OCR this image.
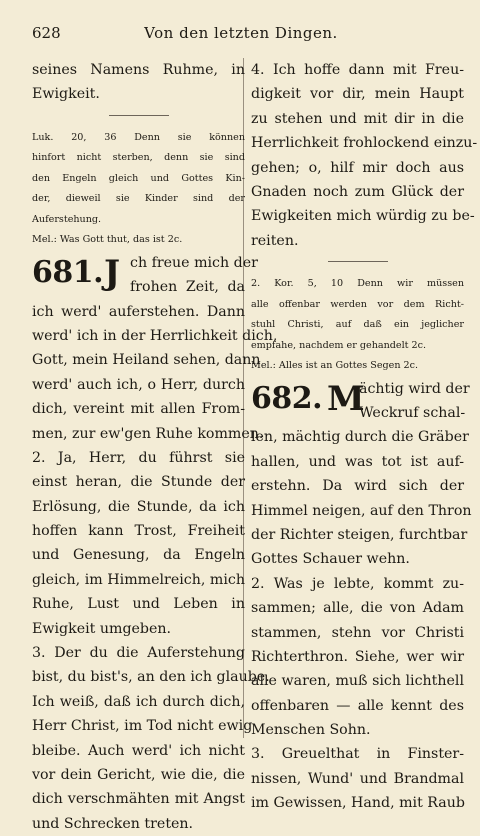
628	Von den letzten Dingen.
seines Namens Ruhme, in
Ewigkeit.
Luk. 20, 36 Denn sie können
hinfort nicht sterben, denn sie sind
den Engeln gleich und Gottes Kin-
der, dieweil sie Kinder sind der
Auferstehung.
Mel.: Was Gott thut, das ist 2c.
681. J ch freue mich der
frohen Zeit, da
ich werd' auferstehen. Dann
werd' ich in der Herrlichkeit dich,
Gott, mein Heiland sehen, dann
werd' auch ich, o Herr, durch
dich, vereint mit allen From-
men, zur ew'gen Ruhe kommen.
2. Ja, Herr, du führst sie
einst heran, die Stunde der
Erlösung, die Stunde, da ich
hoffen kann Trost, Freiheit
und Genesung, da Engeln
gleich, im Himmelreich, mich
Ruhe, Lust und Leben in
Ewigkeit umgeben.
3. Der du die Auferstehung
bist, du bist's, an den ich glaube.
Ich weiß, daß ich durch dich,
Herr Christ, im Tod nicht ewig
bleibe. Auch werd' ich nicht
vor dein Gericht, wie die, die
dich verschmähten mit Angst
und Schrecken treten.
4. Ich hoffe dann mit Freu-
digkeit vor dir, mein Haupt
zu stehen und mit dir in die
Herrlichkeit frohlockend einzu-
gehen; o, hilf mir doch aus
Gnaden noch zum Glück der
Ewigkeiten mich würdig zu be-
reiten.
2. Kor. 5, 10 Denn wir müssen
alle offenbar werden vor dem Richt-
stuhl Christi, auf daß ein jeglicher
empfahe, nachdem er gehandelt 2c.
Mel.: Alles ist an Gottes Segen 2c.
682. M
ächtig wird der
Weckruf schal-
len, mächtig durch die Gräber
hallen, und was tot ist auf-
erstehn. Da wird sich der
Himmel neigen, auf den Thron
der Richter steigen, furchtbar
Gottes Schauer wehn.
2. Was je lebte, kommt zu-
sammen; alle, die von Adam
stammen, stehn vor Christi
Richterthron. Siehe, wer wir
alle waren, muß sich lichthell
offenbaren — alle kennt des
Menschen Sohn.
3. Greuelthat in Finster-
nissen, Wund' und Brandmal
im Gewissen, Hand, mit Raub
